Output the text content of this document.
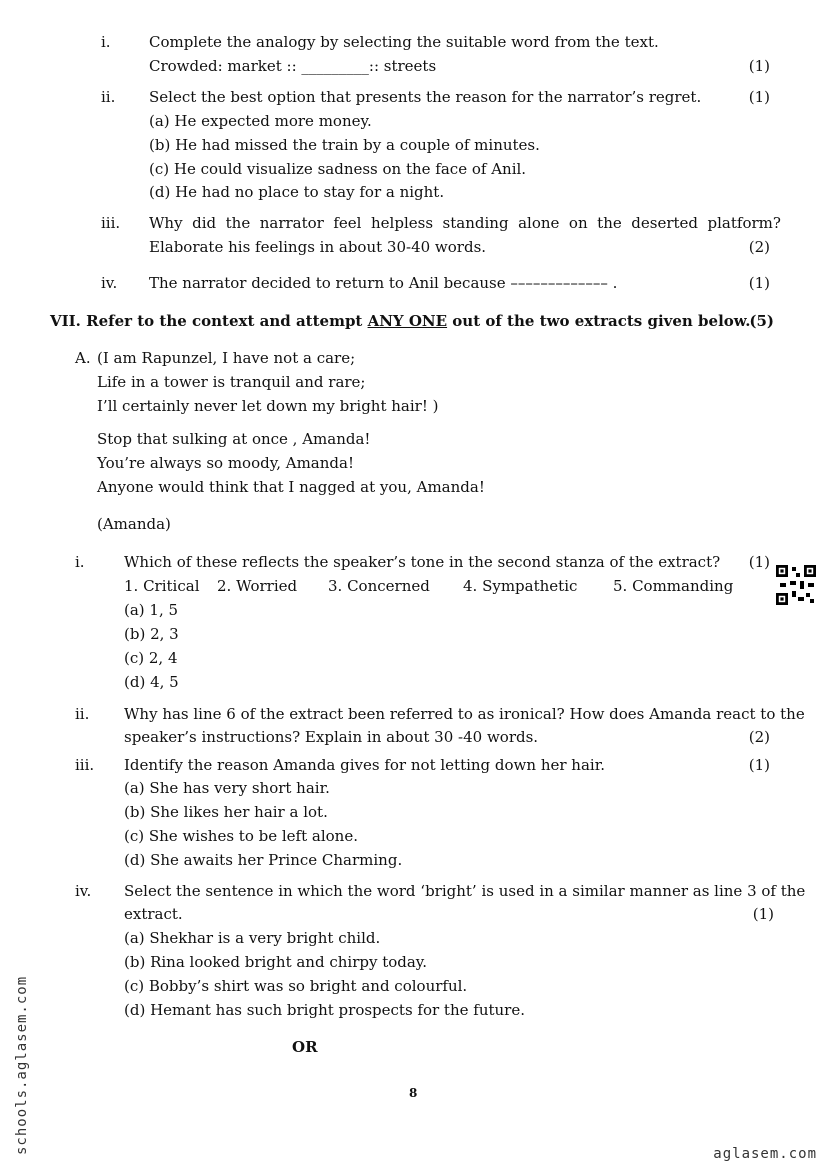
i.	Complete the analogy by selecting the suitable word from the text.
Crowded: market :: _________:: streets	(1)
ii. Select the best option that presents the reason for the narrator’s regret.	(1)
(a) He expected more money.
(b) He had missed the train by a couple of minutes.
(c) He could visualize sadness on the face of Anil.
(d) He had no place to stay for a night.
iii. Why  did  the  narrator  feel  helpless  standing  alone  on  the  deserted  platform?
Elaborate his feelings in about 30-40 words.	(2)
iv. The narrator decided to return to Anil because ––––––––––––– .	(1)
VII. Refer to the context and attempt ANY ONE out of the two extracts given below.
(5)
A. (I am Rapunzel, I have not a care;
Life in a tower is tranquil and rare;
I’ll certainly never let down my bright hair! )
Stop that sulking at once , Amanda!
You’re always so moody, Amanda!
Anyone would think that I nagged at you, Amanda!
(Amanda)
i.	Which of these reflects the speaker’s tone in the second stanza of the extract? (1)
1. Critical 2. Worried 3. Concerned 4. Sympathetic 5. Commanding
(a) 1, 5
(b) 2, 3
(c) 2, 4
(d) 4, 5
ii. Why has line 6 of the extract been referred to as ironical? How does Amanda react to the
speaker’s instructions? Explain in about 30 -40 words.	(2)
iii. Identify the reason Amanda gives for not letting down her hair.	(1)
(a) She has very short hair.
(b) She likes her hair a lot.
(c) She wishes to be left alone.
(d) She awaits her Prince Charming.
iv. Select the sentence in which the word ‘bright’ is used in a similar manner as line 3 of the
extract.	(1)
(a) Shekhar is a very bright child.
(b) Rina looked bright and chirpy today.
(c) Bobby’s shirt was so bright and colourful.
(d) Hemant has such bright prospects for the future.
OR
8
aglasem.com
schools.aglasem.com
